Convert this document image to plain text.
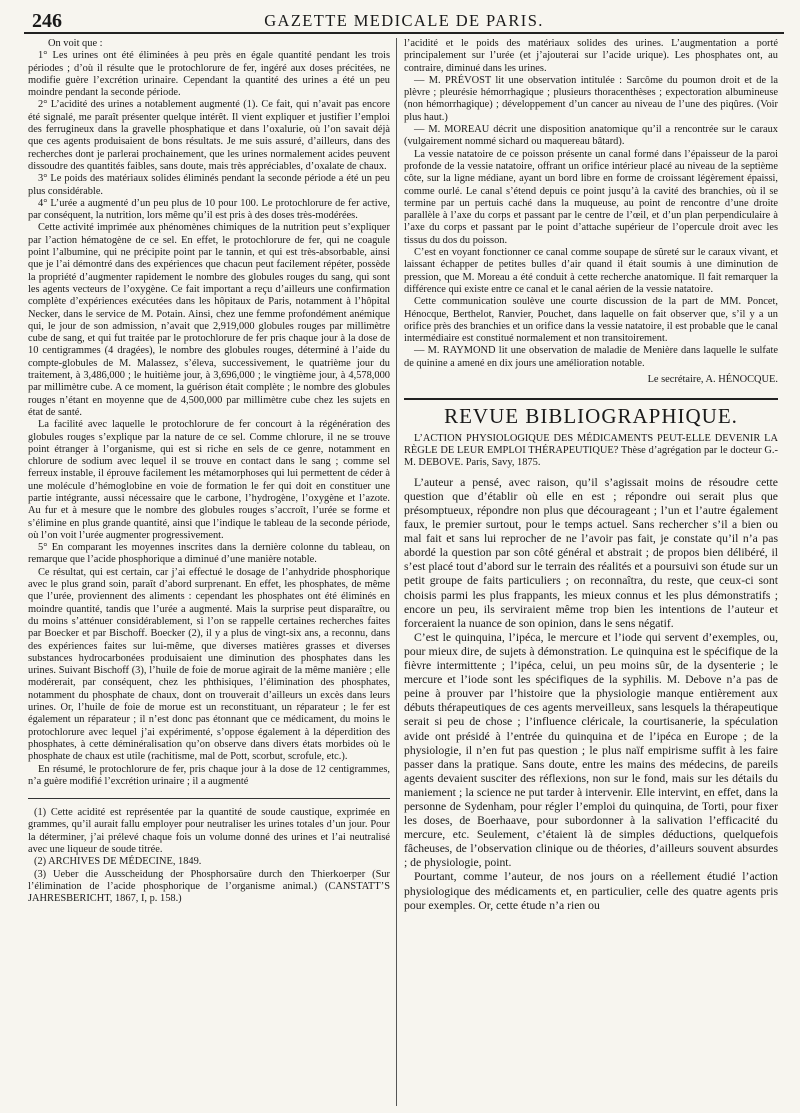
246	GAZETTE MEDICALE DE PARIS.

On voit que :

1° Les urines ont été éliminées à peu près en égale quantité pendant les trois périodes ; d’où il résulte que le protochlorure de fer, ingéré aux doses précitées, ne modifie guère l’excrétion urinaire. Cependant la quantité des urines a été un peu moindre pendant la seconde période.

2° L’acidité des urines a notablement augmenté (1). Ce fait, qui n’avait pas encore été signalé, me paraît présenter quelque intérêt. Il vient expliquer et justifier l’emploi des ferrugineux dans la gravelle phosphatique et dans l’oxalurie, où l’on savait déjà que ces agents produisaient de bons résultats. Je me suis assuré, d’ailleurs, dans des recherches dont je parlerai prochainement, que les urines normalement acides peuvent dissoudre des quantités faibles, sans doute, mais très appréciables, d’oxalate de chaux.

3° Le poids des matériaux solides éliminés pendant la seconde période a été un peu plus considérable.

4° L’urée a augmenté d’un peu plus de 10 pour 100. Le protochlorure de fer active, par conséquent, la nutrition, lors même qu’il est pris à des doses très-modérées.

Cette activité imprimée aux phénomènes chimiques de la nutrition peut s’expliquer par l’action hématogène de ce sel. En effet, le protochlorure de fer, qui ne coagule point l’albumine, qui ne précipite point par le tannin, et qui est très-absorbable, ainsi que je l’ai démontré dans des expériences que chacun peut facilement répéter, possède la propriété d’augmenter rapidement le nombre des globules rouges du sang, qui sont les agents vecteurs de l’oxygène. Ce fait important a reçu d’ailleurs une confirmation complète d’expériences exécutées dans les hôpitaux de Paris, notamment à l’hôpital Necker, dans le service de M. Potain. Ainsi, chez une femme profondément anémique qui, le jour de son admission, n’avait que 2,919,000 globules rouges par millimètre cube de sang, et qui fut traitée par le protochlorure de fer pris chaque jour à la dose de 10 centigrammes (4 dragées), le nombre des globules rouges, déterminé à l’aide du compte-globules de M. Malassez, s’éleva, successivement, le quatrième jour du traitement, à 3,486,000 ; le huitième jour, à 3,696,000 ; le vingtième jour, à 4,578,000 par millimètre cube. A ce moment, la guérison était complète ; le nombre des globules rouges n’étant en moyenne que de 4,500,000 par millimètre cube chez les sujets en état de santé.

La facilité avec laquelle le protochlorure de fer concourt à la régénération des globules rouges s’explique par la nature de ce sel. Comme chlorure, il ne se trouve point étranger à l’organisme, qui est si riche en sels de ce genre, notamment en chlorure de sodium avec lequel il se trouve en contact dans le sang ; comme sel ferreux instable, il éprouve facilement les métamorphoses qui lui permettent de céder à une molécule d’hémoglobine en voie de formation le fer qui doit en constituer une partie intégrante, aussi nécessaire que le carbone, l’hydrogène, l’oxygène et l’azote. Au fur et à mesure que le nombre des globules rouges s’accroît, l’urée se forme et s’élimine en plus grande quantité, ainsi que l’indique le tableau de la seconde période, où l’on voit l’urée augmenter progressivement.

5° En comparant les moyennes inscrites dans la dernière colonne du tableau, on remarque que l’acide phosphorique a diminué d’une manière notable.

Ce résultat, qui est certain, car j’ai effectué le dosage de l’anhydride phosphorique avec le plus grand soin, paraît d’abord surprenant. En effet, les phosphates, de même que l’urée, proviennent des aliments : cependant les phosphates ont été éliminés en moindre quantité, tandis que l’urée a augmenté. Mais la surprise peut disparaître, ou du moins s’atténuer considérablement, si l’on se rappelle certaines recherches faites par Boecker et par Bischoff. Boecker (2), il y a plus de vingt-six ans, a reconnu, dans des expériences faites sur lui-même, que diverses matières grasses et diverses substances hydrocarbonées produisaient une diminution des phosphates dans les urines. Suivant Bischoff (3), l’huile de foie de morue agirait de la même manière ; elle modérerait, par conséquent, chez les phthisiques, l’élimination des phosphates, notamment du phosphate de chaux, dont on trouverait d’ailleurs un excès dans leurs urines. Or, l’huile de foie de morue est un reconstituant, un réparateur ; le fer est également un réparateur ; il n’est donc pas étonnant que ce médicament, du moins le protochlorure avec lequel j’ai expérimenté, s’oppose également à la déperdition des phosphates, à cette déminéralisation qu’on observe dans divers états morbides où le phosphate de chaux est utile (rachitisme, mal de Pott, scorbut, scrofule, etc.).

En résumé, le protochlorure de fer, pris chaque jour à la dose de 12 centigrammes, n’a guère modifié l’excrétion urinaire ; il a augmenté

(1) Cette acidité est représentée par la quantité de soude caustique, exprimée en grammes, qu’il aurait fallu employer pour neutraliser les urines totales d’un jour. Pour la déterminer, j’ai prélevé chaque fois un volume donné des urines et l’ai neutralisé avec une liqueur de soude titrée.

(2) ARCHIVES DE MÉDECINE, 1849.

(3) Ueber die Ausscheidung der Phosphorsaüre durch den Thierkoerper (Sur l’élimination de l’acide phosphorique de l’organisme animal.) (CANSTATT’S JAHRESBERICHT, 1867, I, p. 158.)

l’acidité et le poids des matériaux solides des urines. L’augmentation a porté principalement sur l’urée (et j’ajouterai sur l’acide urique). Les phosphates ont, au contraire, diminué dans les urines.

— M. PRÉVOST lit une observation intitulée : Sarcôme du poumon droit et de la plèvre ; pleurésie hémorrhagique ; plusieurs thoracenthèses ; expectoration albumineuse (non hémorrhagique) ; développement d’un cancer au niveau de l’une des piqûres. (Voir plus haut.)

— M. MOREAU décrit une disposition anatomique qu’il a rencontrée sur le caraux (vulgairement nommé sichard ou maquereau bâtard).

La vessie natatoire de ce poisson présente un canal formé dans l’épaisseur de la paroi profonde de la vessie natatoire, offrant un orifice intérieur placé au niveau de la septième côte, sur la ligne médiane, ayant un bord libre en forme de croissant légèrement épaissi, comme ourlé. Le canal s’étend depuis ce point jusqu’à la cavité des branchies, où il se termine par un pertuis caché dans la muqueuse, au point de rencontre d’une droite parallèle à l’axe du corps et passant par le centre de l’œil, et d’un plan perpendiculaire à l’axe du corps et passant par le point d’attache supérieur de l’opercule droit avec les tissus du dos du poisson.

C’est en voyant fonctionner ce canal comme soupape de sûreté sur le caraux vivant, et laissant échapper de petites bulles d’air quand il était soumis à une diminution de pression, que M. Moreau a été conduit à cette recherche anatomique. Il fait remarquer la différence qui existe entre ce canal et le canal aérien de la vessie natatoire.

Cette communication soulève une courte discussion de la part de MM. Poncet, Hénocque, Berthelot, Ranvier, Pouchet, dans laquelle on fait observer que, s’il y a un orifice près des branchies et un orifice dans la vessie natatoire, il est probable que le canal intermédiaire est constitué normalement et non transitoirement.

— M. RAYMOND lit une observation de maladie de Menière dans laquelle le sulfate de quinine a amené en dix jours une amélioration notable.

Le secrétaire, A. HÉNOCQUE.
REVUE BIBLIOGRAPHIQUE.

L’ACTION PHYSIOLOGIQUE DES MÉDICAMENTS PEUT-ELLE DEVENIR LA RÈGLE DE LEUR EMPLOI THÉRAPEUTIQUE? Thèse d’agrégation par le docteur G.-M. DEBOVE. Paris, Savy, 1875.

L’auteur a pensé, avec raison, qu’il s’agissait moins de résoudre cette question que d’établir où elle en est ; répondre oui serait plus que présomptueux, répondre non plus que décourageant ; l’un et l’autre également faux, le premier surtout, pour le temps actuel. Sans rechercher s’il a bien ou mal fait et sans lui reprocher de ne l’avoir pas fait, je constate qu’il n’a pas abordé la question par son côté général et abstrait ; de propos bien délibéré, il s’est placé tout d’abord sur le terrain des réalités et a poursuivi son étude sur un petit groupe de faits particuliers ; on reconnaîtra, du reste, que ceux-ci sont choisis parmi les plus frappants, les mieux connus et les plus démonstratifs ; encore un peu, ils serviraient même trop bien les intentions de l’auteur et forceraient la nuance de son opinion, dans le sens négatif.

C’est le quinquina, l’ipéca, le mercure et l’iode qui servent d’exemples, ou, pour mieux dire, de sujets à démonstration. Le quinquina est le spécifique de la fièvre intermittente ; l’ipéca, celui, un peu moins sûr, de la dysenterie ; le mercure et l’iode sont les spécifiques de la syphilis. M. Debove n’a pas de peine à prouver par l’histoire que la physiologie manque entièrement aux débuts thérapeutiques de ces agents merveilleux, sans lesquels la thérapeutique serait si peu de chose ; l’influence cléricale, la courtisanerie, la spéculation avide ont présidé à l’entrée du quinquina et de l’ipéca en Europe ; de la physiologie, il n’en fut pas question ; le plus naïf empirisme suffit à les faire passer dans la pratique. Sans doute, entre les mains des médecins, de pareils agents devaient susciter des réflexions, non sur le fond, mais sur les détails du maniement ; la science ne put tarder à intervenir. Elle intervint, en effet, dans la personne de Sydenham, pour régler l’emploi du quinquina, de Torti, pour fixer les doses, de Boerhaave, pour subordonner à la salivation l’efficacité du mercure, etc. Seulement, c’étaient là de simples déductions, quelquefois fâcheuses, de l’observation clinique ou de théories, d’ailleurs souvent absurdes ; de physiologie, point.

Pourtant, comme l’auteur, de nos jours on a réellement étudié l’action physiologique des médicaments et, en particulier, celle des quatre agents pris pour exemples. Or, cette étude n’a rien ou
